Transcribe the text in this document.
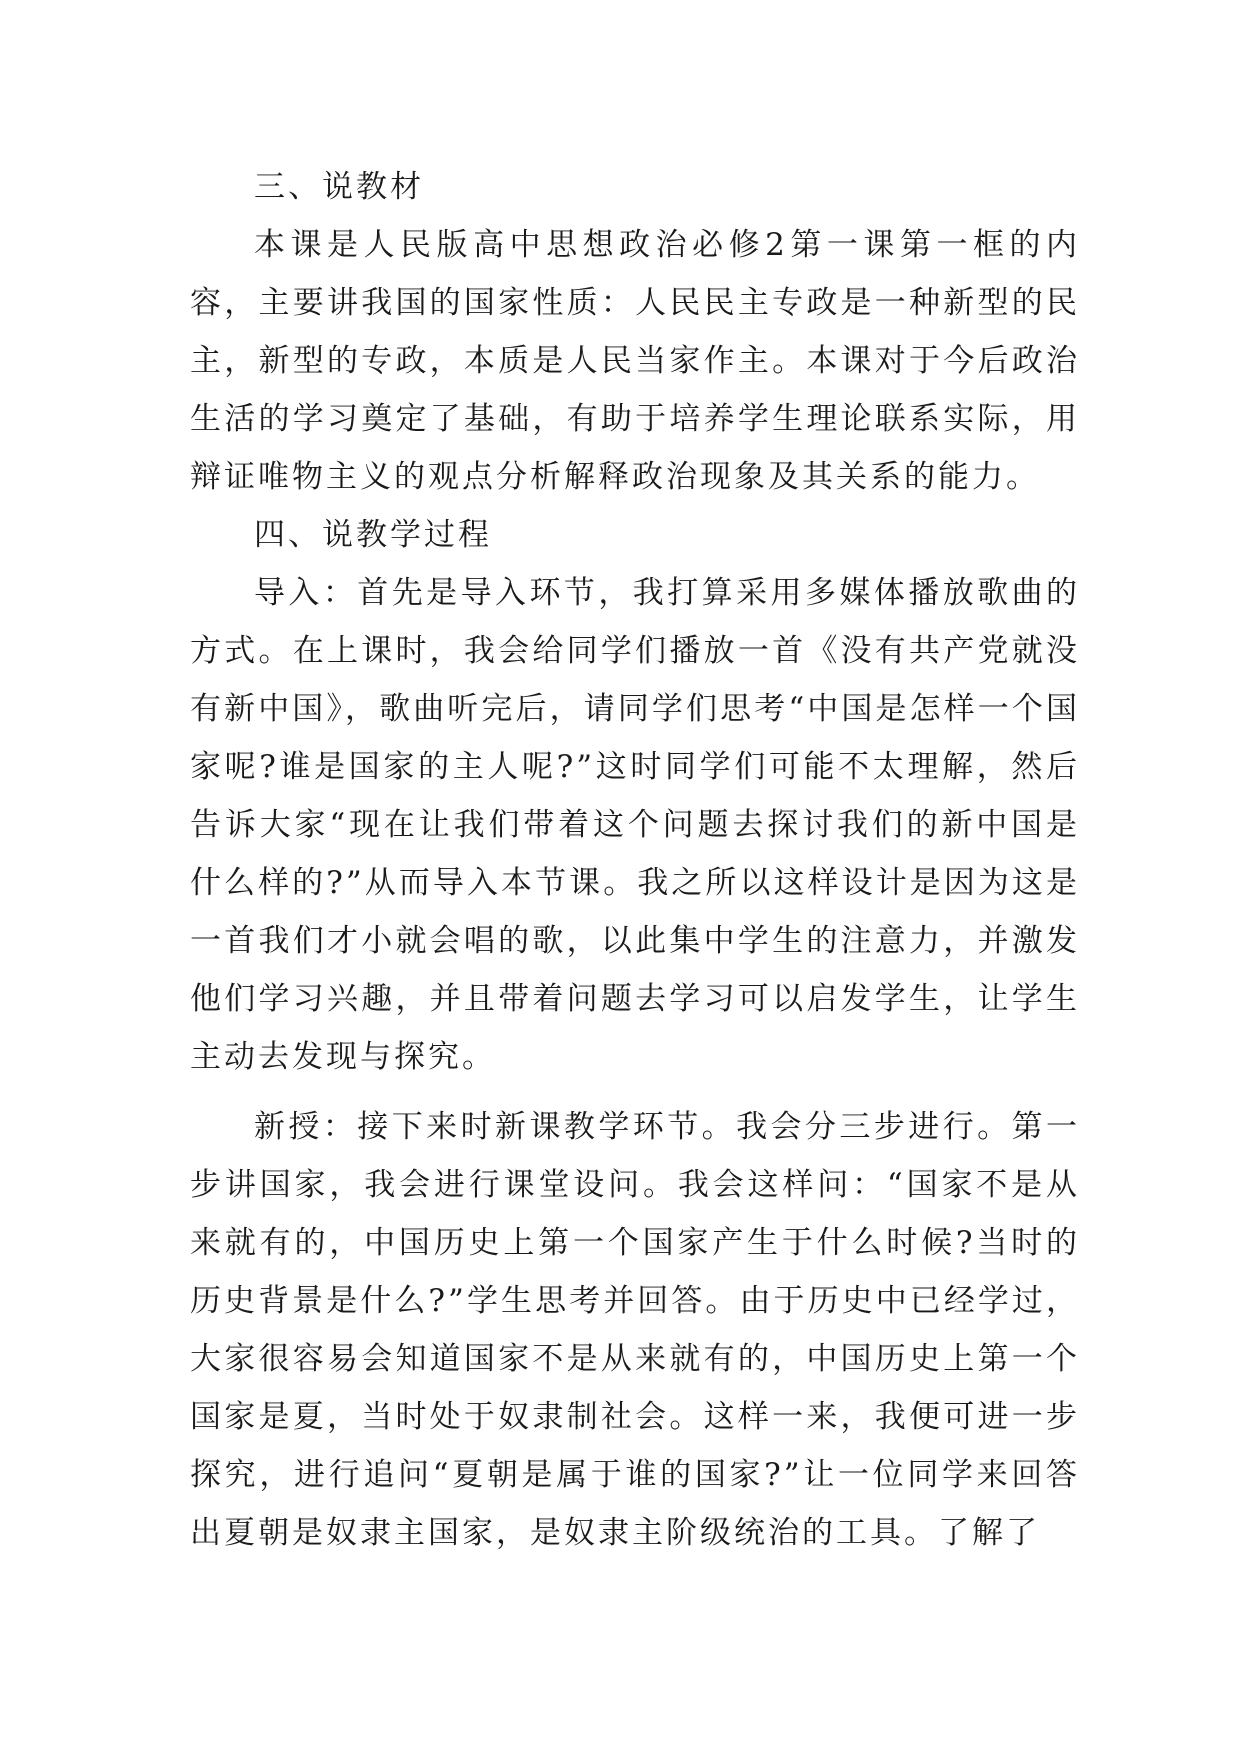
三、说教材

本课是人民版高中思想政治必修2第一课第一框的内容，主要讲我国的国家性质：人民民主专政是一种新型的民主，新型的专政，本质是人民当家作主。本课对于今后政治生活的学习奠定了基础，有助于培养学生理论联系实际，用辩证唯物主义的观点分析解释政治现象及其关系的能力。

四、说教学过程

导入：首先是导入环节，我打算采用多媒体播放歌曲的方式。在上课时，我会给同学们播放一首《没有共产党就没有新中国》，歌曲听完后，请同学们思考“中国是怎样一个国家呢?谁是国家的主人呢?”这时同学们可能不太理解，然后告诉大家“现在让我们带着这个问题去探讨我们的新中国是什么样的?”从而导入本节课。我之所以这样设计是因为这是一首我们才小就会唱的歌，以此集中学生的注意力，并激发他们学习兴趣，并且带着问题去学习可以启发学生，让学生主动去发现与探究。

新授：接下来时新课教学环节。我会分三步进行。第一步讲国家，我会进行课堂设问。我会这样问：“国家不是从来就有的，中国历史上第一个国家产生于什么时候?当时的历史背景是什么?”学生思考并回答。由于历史中已经学过，大家很容易会知道国家不是从来就有的，中国历史上第一个国家是夏，当时处于奴隶制社会。这样一来，我便可进一步探究，进行追问“夏朝是属于谁的国家?”让一位同学来回答出夏朝是奴隶主国家，是奴隶主阶级统治的工具。了解了
